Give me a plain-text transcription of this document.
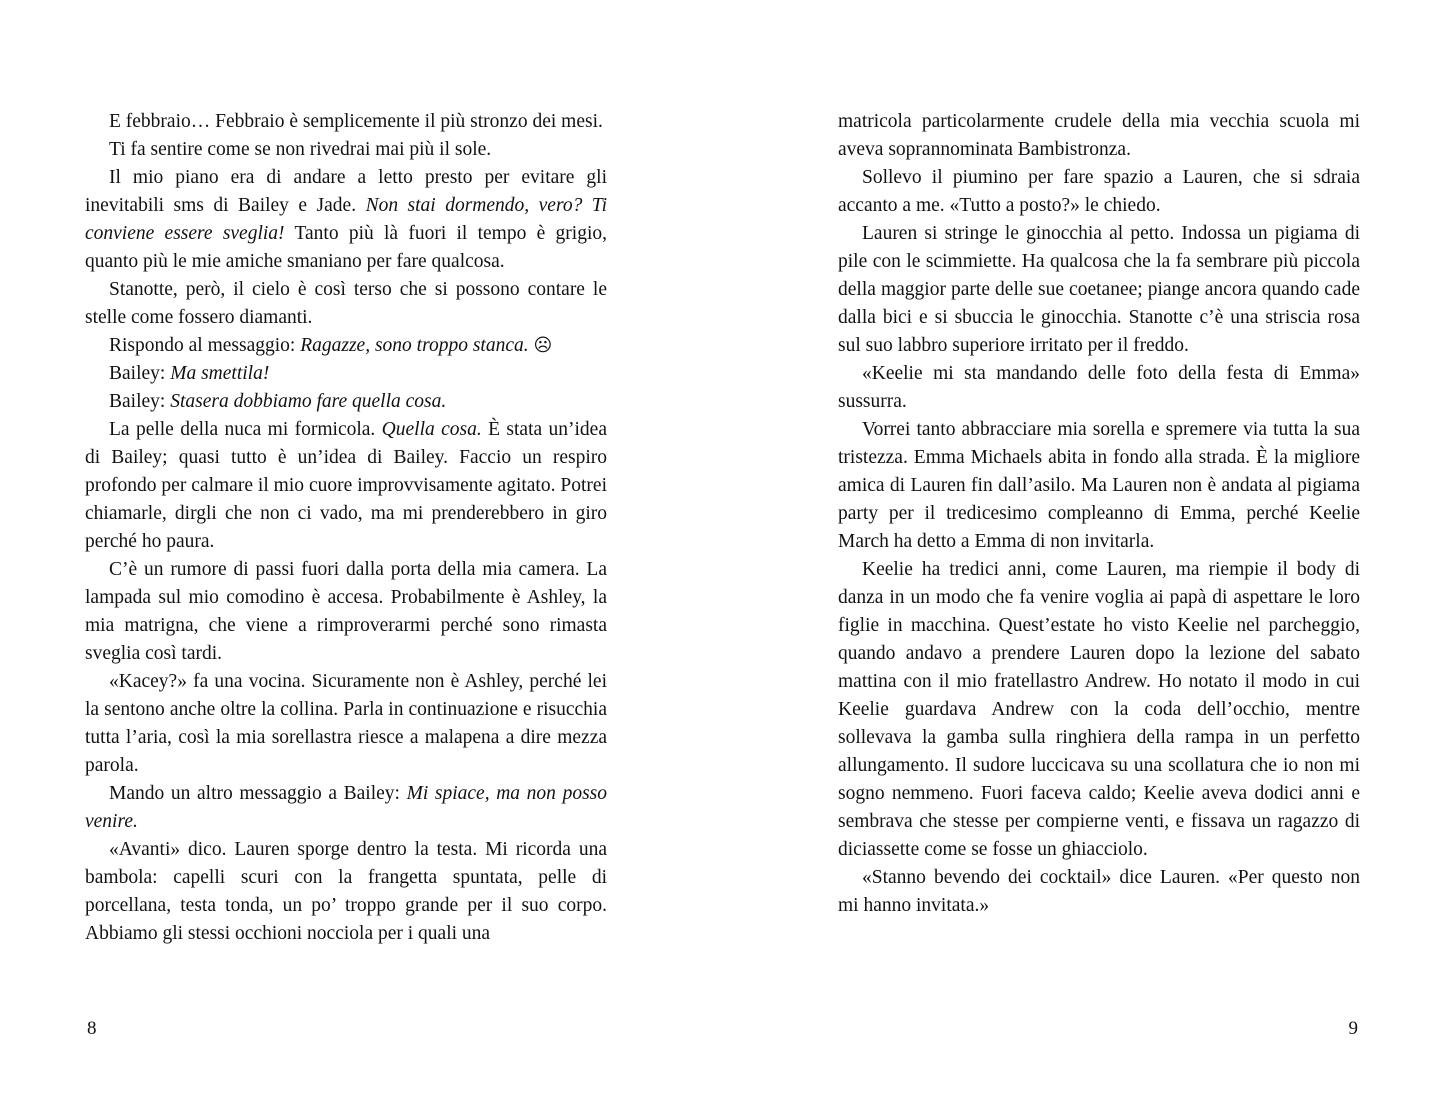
E febbraio… Febbraio è semplicemente il più stronzo dei mesi.

Ti fa sentire come se non rivedrai mai più il sole.

Il mio piano era di andare a letto presto per evitare gli inevitabili sms di Bailey e Jade. Non stai dormendo, vero? Ti conviene essere sveglia! Tanto più là fuori il tempo è grigio, quanto più le mie amiche smaniano per fare qualcosa.

Stanotte, però, il cielo è così terso che si possono contare le stelle come fossero diamanti.

Rispondo al messaggio: Ragazze, sono troppo stanca. ☹

Bailey: Ma smettila!

Bailey: Stasera dobbiamo fare quella cosa.

La pelle della nuca mi formicola. Quella cosa. È stata un’idea di Bailey; quasi tutto è un’idea di Bailey. Faccio un respiro profondo per calmare il mio cuore improvvisamente agitato. Potrei chiamarle, dirgli che non ci vado, ma mi prenderebbero in giro perché ho paura.

C’è un rumore di passi fuori dalla porta della mia camera. La lampada sul mio comodino è accesa. Probabilmente è Ashley, la mia matrigna, che viene a rimproverarmi perché sono rimasta sveglia così tardi.

«Kacey?» fa una vocina. Sicuramente non è Ashley, perché lei la sentono anche oltre la collina. Parla in continuazione e risucchia tutta l’aria, così la mia sorellastra riesce a malapena a dire mezza parola.

Mando un altro messaggio a Bailey: Mi spiace, ma non posso venire.

«Avanti» dico. Lauren sporge dentro la testa. Mi ricorda una bambola: capelli scuri con la frangetta spuntata, pelle di porcellana, testa tonda, un po’ troppo grande per il suo corpo. Abbiamo gli stessi occhioni nocciola per i quali una

matricola particolarmente crudele della mia vecchia scuola mi aveva soprannominata Bambistronza.

Sollevo il piumino per fare spazio a Lauren, che si sdraia accanto a me. «Tutto a posto?» le chiedo.

Lauren si stringe le ginocchia al petto. Indossa un pigiama di pile con le scimmiette. Ha qualcosa che la fa sembrare più piccola della maggior parte delle sue coetanee; piange ancora quando cade dalla bici e si sbuccia le ginocchia. Stanotte c’è una striscia rosa sul suo labbro superiore irritato per il freddo.

«Keelie mi sta mandando delle foto della festa di Emma» sussurra.

Vorrei tanto abbracciare mia sorella e spremere via tutta la sua tristezza. Emma Michaels abita in fondo alla strada. È la migliore amica di Lauren fin dall’asilo. Ma Lauren non è andata al pigiama party per il tredicesimo compleanno di Emma, perché Keelie March ha detto a Emma di non invitarla.

Keelie ha tredici anni, come Lauren, ma riempie il body di danza in un modo che fa venire voglia ai papà di aspettare le loro figlie in macchina. Quest’estate ho visto Keelie nel parcheggio, quando andavo a prendere Lauren dopo la lezione del sabato mattina con il mio fratellastro Andrew. Ho notato il modo in cui Keelie guardava Andrew con la coda dell’occhio, mentre sollevava la gamba sulla ringhiera della rampa in un perfetto allungamento. Il sudore luccicava su una scollatura che io non mi sogno nemmeno. Fuori faceva caldo; Keelie aveva dodici anni e sembrava che stesse per compierne venti, e fissava un ragazzo di diciassette come se fosse un ghiacciolo.

«Stanno bevendo dei cocktail» dice Lauren. «Per questo non mi hanno invitata.»

8	9
